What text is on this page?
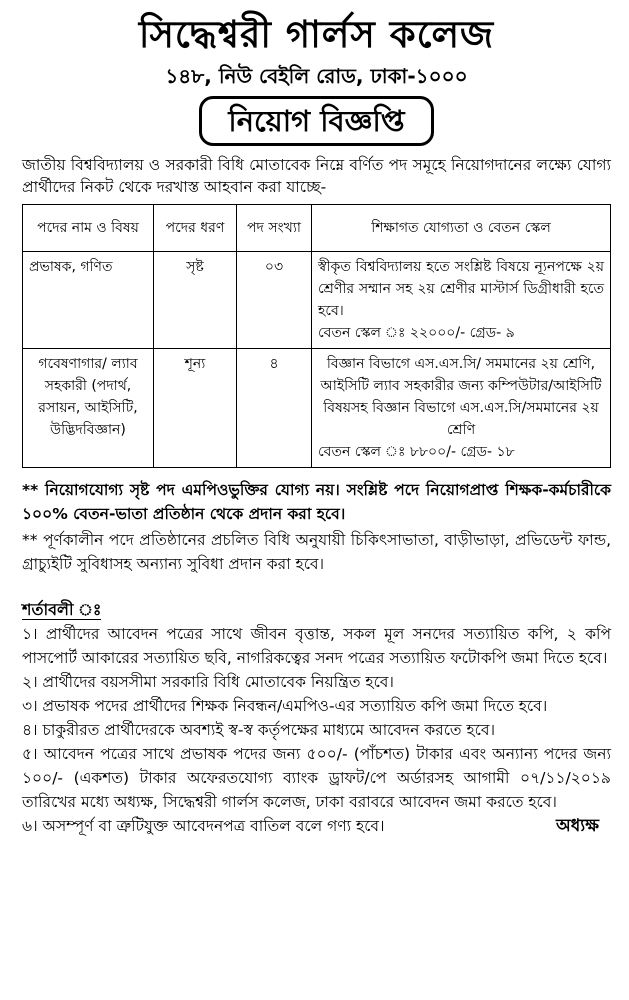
সিদ্ধেশ্বরী গার্লস কলেজ
১৪৮, নিউ বেইলি রোড, ঢাকা-১০০০
নিয়োগ বিজ্ঞপ্তি
জাতীয় বিশ্ববিদ্যালয় ও সরকারী বিধি মোতাবেক নিম্নে বর্ণিত পদ সমূহে নিয়োগদানের লক্ষ্যে যোগ্য প্রার্থীদের নিকট থেকে দরখাস্ত আহবান করা যাচ্ছে-
পদের নাম ও বিষয়	পদের ধরণ	পদ সংখ্যা	শিক্ষাগত যোগ্যতা ও বেতন স্কেল
প্রভাষক, গণিত	সৃষ্ট	০৩	স্বীকৃত বিশ্ববিদ্যালয় হতে সংশ্লিষ্ট বিষয়ে ন্যূনপক্ষে ২য় শ্রেণীর সম্মান সহ ২য় শ্রেণীর মাস্টার্স ডিগ্রীধারী হতে হবে।
বেতন স্কেল ঃ ২২০০০/- গ্রেড- ৯

গবেষণাগার/ ল্যাব সহকারী (পদার্থ, রসায়ন, আইসিটি, উদ্ভিদবিজ্ঞান)	শূন্য	৪	বিজ্ঞান বিভাগে এস.এস.সি/ সমমানের ২য় শ্রেণি, আইসিটি ল্যাব সহকারীর জন্য কম্পিউটার/আইসিটি বিষয়সহ বিজ্ঞান বিভাগে এস.এস.সি/সমমানের ২য় শ্রেণি
বেতন স্কেল ঃ ৮৮০০/- গ্রেড- ১৮
** নিয়োগযোগ্য সৃষ্ট পদ এমপিওভুক্তির যোগ্য নয়। সংশ্লিষ্ট পদে নিয়োগপ্রাপ্ত শিক্ষক-কর্মচারীকে ১০০% বেতন-ভাতা প্রতিষ্ঠান থেকে প্রদান করা হবে।
** পূর্ণকালীন পদে প্রতিষ্ঠানের প্রচলিত বিধি অনুযায়ী চিকিৎসাভাতা, বাড়ীভাড়া, প্রভিডেন্ট ফান্ড, গ্রাচ্যুইটি সুবিধাসহ অন্যান্য সুবিধা প্রদান করা হবে।
শর্তাবলী ঃ
১। প্রার্থীদের আবেদন পত্রের সাথে জীবন বৃত্তান্ত, সকল মূল সনদের সত্যায়িত কপি, ২ কপি পাসপোর্ট আকারের সত্যায়িত ছবি, নাগরিকত্বের সনদ পত্রের সত্যায়িত ফটোকপি জমা দিতে হবে।
২। প্রার্থীদের বয়সসীমা সরকারি বিধি মোতাবেক নিয়ন্ত্রিত হবে।
৩। প্রভাষক পদের প্রার্থীদের শিক্ষক নিবন্ধন/এমপিও-এর সত্যায়িত কপি জমা দিতে হবে।
৪। চাকুরীরত প্রার্থীদেরকে অবশ্যই স্ব-স্ব কর্তৃপক্ষের মাধ্যমে আবেদন করতে হবে।
৫। আবেদন পত্রের সাথে প্রভাষক পদের জন্য ৫০০/- (পাঁচশত) টাকার এবং অন্যান্য পদের জন্য ১০০/- (একশত) টাকার অফেরতযোগ্য ব্যাংক ড্রাফট/পে অর্ডারসহ আগামী ০৭/১১/২০১৯ তারিখের মধ্যে অধ্যক্ষ, সিদ্ধেশ্বরী গার্লস কলেজ, ঢাকা বরাবরে আবেদন জমা করতে হবে।
৬। অসম্পূর্ণ বা ত্রুটিযুক্ত আবেদনপত্র বাতিল বলে গণ্য হবে।	অধ্যক্ষ
